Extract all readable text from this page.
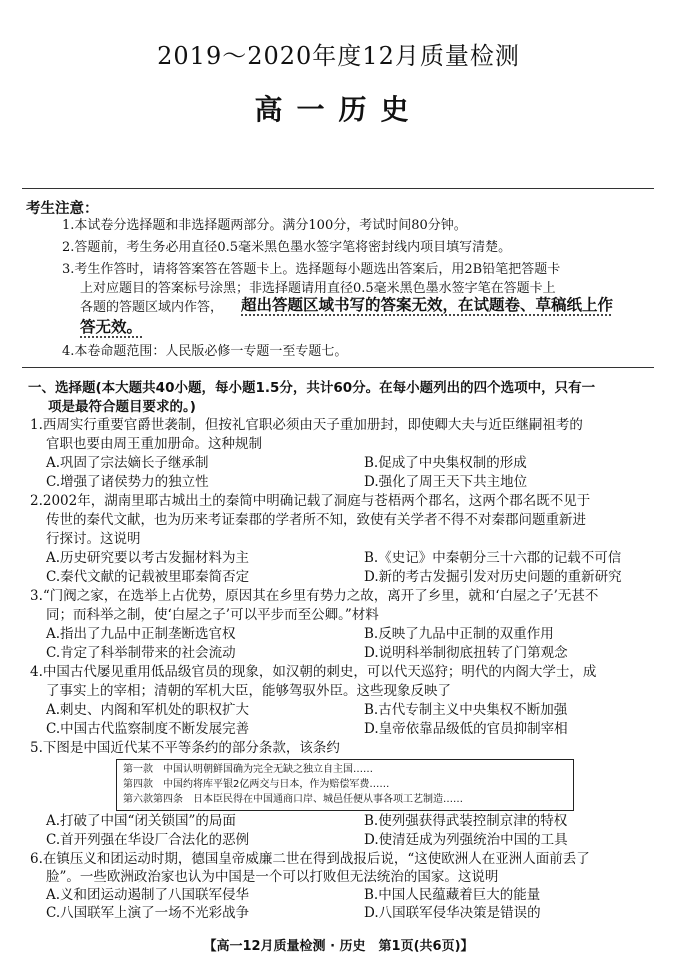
2019～2020年度12月质量检测
高一历史
考生注意：
1.本试卷分选择题和非选择题两部分。满分100分，考试时间80分钟。
2.答题前，考生务必用直径0.5毫米黑色墨水签字笔将密封线内项目填写清楚。
3.考生作答时，请将答案答在答题卡上。选择题每小题选出答案后，用2B铅笔把答题卡
上对应题目的答案标号涂黑；非选择题请用直径0.5毫米黑色墨水签字笔在答题卡上
各题的答题区域内作答， 超出答题区域书写的答案无效，在试题卷、草稿纸上作
答无效。
4.本卷命题范围：人民版必修一专题一至专题七。
一、选择题(本大题共40小题，每小题1.5分，共计60分。在每小题列出的四个选项中，只有一
项是最符合题目要求的。)
1.西周实行重要官爵世袭制，但按礼官职必须由天子重加册封，即使卿大夫与近臣继嗣祖考的
官职也要由周王重加册命。这种规制
A.巩固了宗法嫡长子继承制	B.促成了中央集权制的形成
C.增强了诸侯势力的独立性	D.强化了周王天下共主地位
2.2002年，湖南里耶古城出土的秦简中明确记载了洞庭与苍梧两个郡名，这两个郡名既不见于
传世的秦代文献，也为历来考证秦郡的学者所不知，致使有关学者不得不对秦郡问题重新进
行探讨。这说明
A.历史研究要以考古发掘材料为主	B.《史记》中秦朝分三十六郡的记载不可信
C.秦代文献的记载被里耶秦简否定	D.新的考古发掘引发对历史问题的重新研究
3.“门阀之家，在选举上占优势，原因其在乡里有势力之故，离开了乡里，就和‘白屋之子’无甚不
同；而科举之制，使‘白屋之子’可以平步而至公卿。”材料
A.指出了九品中正制垄断选官权	B.反映了九品中正制的双重作用
C.肯定了科举制带来的社会流动	D.说明科举制彻底扭转了门第观念
4.中国古代屡见重用低品级官员的现象，如汉朝的刺史，可以代天巡狩；明代的内阁大学士，成
了事实上的宰相；清朝的军机大臣，能够驾驭外臣。这些现象反映了
A.刺史、内阁和军机处的职权扩大	B.古代专制主义中央集权不断加强
C.中国古代监察制度不断发展完善	D.皇帝依靠品级低的官员抑制宰相
5.下图是中国近代某不平等条约的部分条款，该条约
第一款　中国认明朝鲜国确为完全无缺之独立自主国……
第四款　中国约将库平银2亿两交与日本，作为赔偿军费……
第六款第四条　日本臣民得在中国通商口岸、城邑任便从事各项工艺制造……
A.打破了中国“闭关锁国”的局面	B.使列强获得武装控制京津的特权
C.首开列强在华设厂合法化的恶例	D.使清廷成为列强统治中国的工具
6.在镇压义和团运动时期，德国皇帝威廉二世在得到战报后说，“这使欧洲人在亚洲人面前丢了
脸”。一些欧洲政治家也认为中国是一个可以打败但无法统治的国家。这说明
A.义和团运动遏制了八国联军侵华	B.中国人民蕴藏着巨大的能量
C.八国联军上演了一场不光彩战争	D.八国联军侵华决策是错误的
【高一12月质量检测 · 历史　第1页(共6页)】
